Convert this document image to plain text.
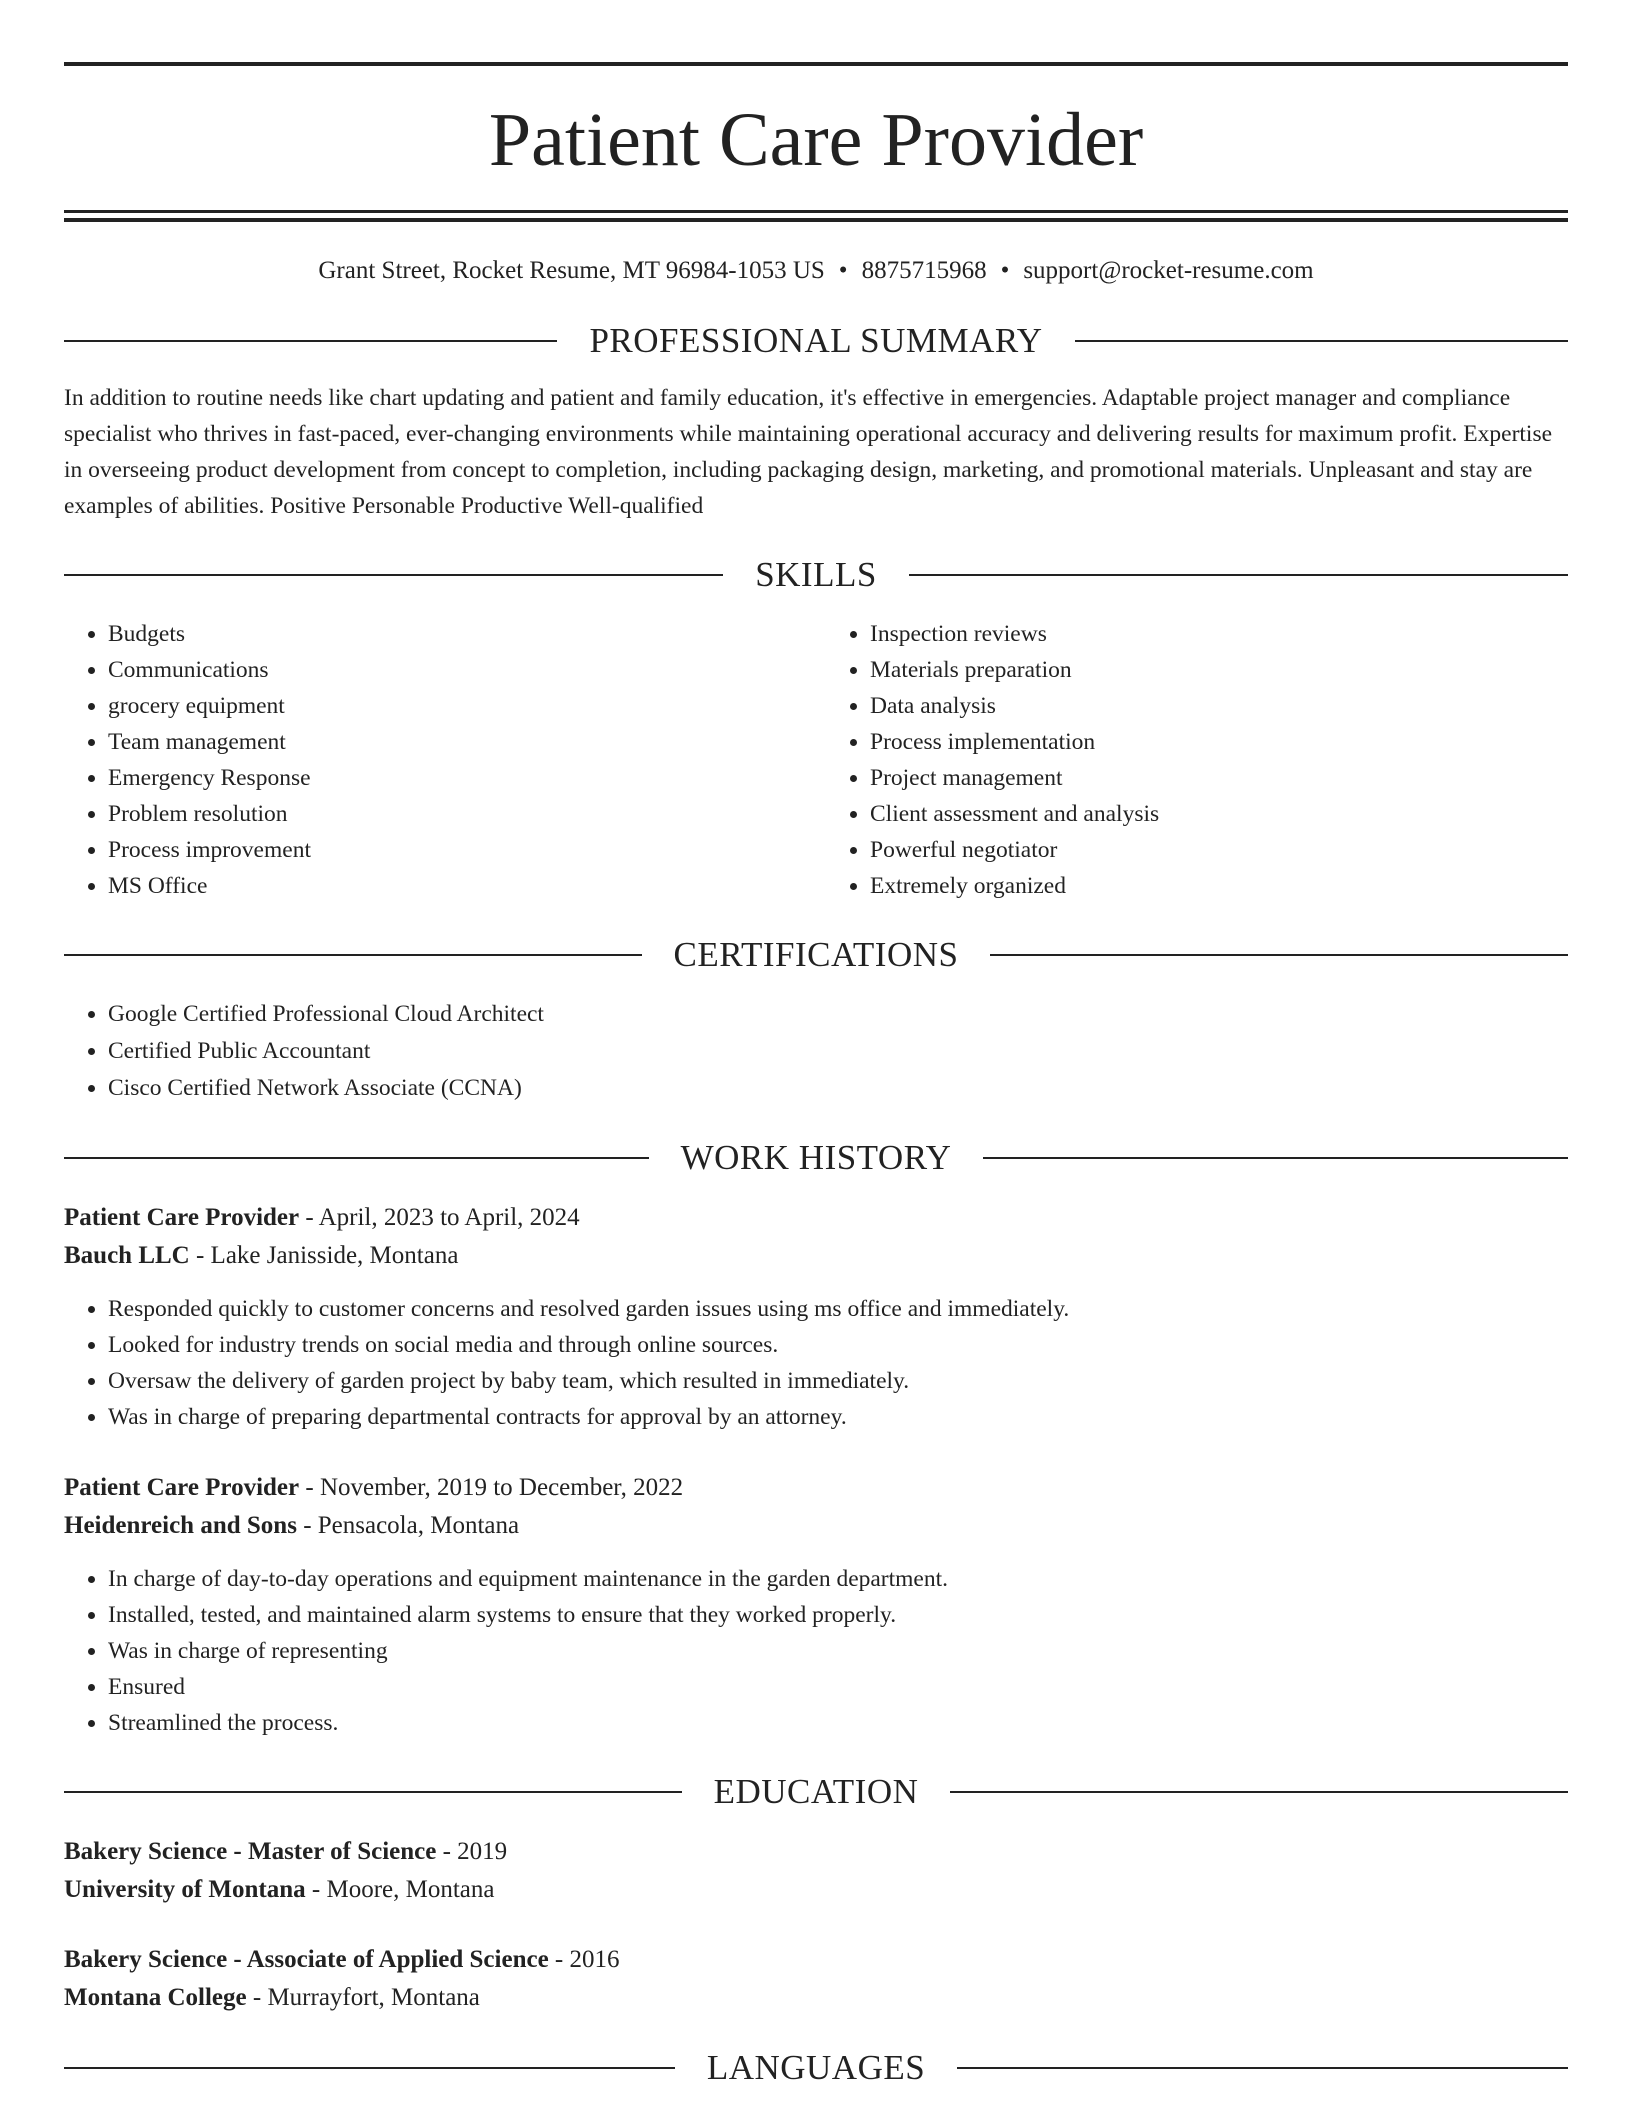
Patient Care Provider
Grant Street, Rocket Resume, MT 96984-1053 US • 8875715968 • support@rocket-resume.com
PROFESSIONAL SUMMARY

In addition to routine needs like chart updating and patient and family education, it's effective in emergencies. Adaptable project manager and compliance specialist who thrives in fast-paced, ever-changing environments while maintaining operational accuracy and delivering results for maximum profit. Expertise in overseeing product development from concept to completion, including packaging design, marketing, and promotional materials. Unpleasant and stay are examples of abilities. Positive Personable Productive Well-qualified

SKILLS
• Budgets
• Communications
• grocery equipment
• Team management
• Emergency Response
• Problem resolution
• Process improvement
• MS Office
• Inspection reviews
• Materials preparation
• Data analysis
• Process implementation
• Project management
• Client assessment and analysis
• Powerful negotiator
• Extremely organized
CERTIFICATIONS
• Google Certified Professional Cloud Architect
• Certified Public Accountant
• Cisco Certified Network Associate (CCNA)
WORK HISTORY
Patient Care Provider - April, 2023 to April, 2024
Bauch LLC - Lake Janisside, Montana
• Responded quickly to customer concerns and resolved garden issues using ms office and immediately.
• Looked for industry trends on social media and through online sources.
• Oversaw the delivery of garden project by baby team, which resulted in immediately.
• Was in charge of preparing departmental contracts for approval by an attorney.
Patient Care Provider - November, 2019 to December, 2022
Heidenreich and Sons - Pensacola, Montana
• In charge of day-to-day operations and equipment maintenance in the garden department.
• Installed, tested, and maintained alarm systems to ensure that they worked properly.
• Was in charge of representing
• Ensured
• Streamlined the process.
EDUCATION
Bakery Science - Master of Science - 2019
University of Montana - Moore, Montana
Bakery Science - Associate of Applied Science - 2016
Montana College - Murrayfort, Montana
LANGUAGES
